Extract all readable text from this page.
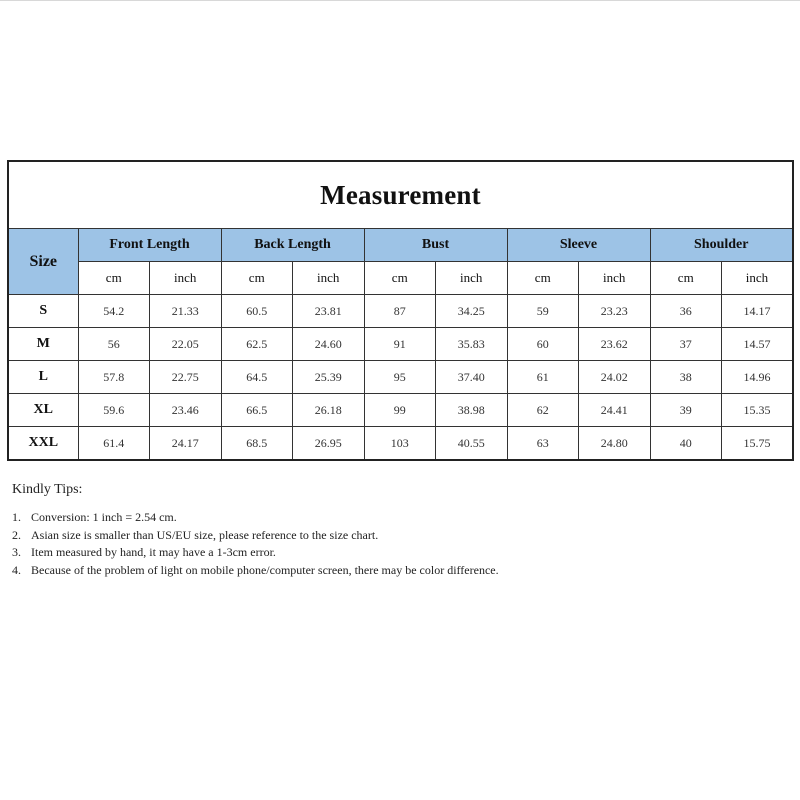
Measurement										
Size	Front Length		Back Length		Bust		Sleeve		Shoulder	
	cm	inch	cm	inch	cm	inch	cm	inch	cm	inch
S	54.2	21.33	60.5	23.81	87	34.25	59	23.23	36	14.17
M	56	22.05	62.5	24.60	91	35.83	60	23.62	37	14.57
L	57.8	22.75	64.5	25.39	95	37.40	61	24.02	38	14.96
XL	59.6	23.46	66.5	26.18	99	38.98	62	24.41	39	15.35
XXL	61.4	24.17	68.5	26.95	103	40.55	63	24.80	40	15.75
Kindly Tips:
1. Conversion: 1 inch = 2.54 cm.
2. Asian size is smaller than US/EU size, please reference to the size chart.
3. Item measured by hand, it may have a 1-3cm error.
4. Because of the problem of light on mobile phone/computer screen, there may be color difference.
